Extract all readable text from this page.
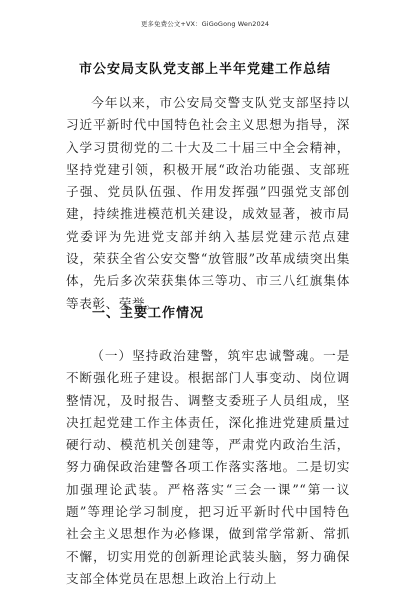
更多免费公文+VX：GiGoGong Wen2024
市公安局支队党支部上半年党建工作总结

今年以来，市公安局交警支队党支部坚持以习近平新时代中国特色社会主义思想为指导，深入学习贯彻党的二十大及二十届三中全会精神，坚持党建引领，积极开展“政治功能强、支部班子强、党员队伍强、作用发挥强”四强党支部创建，持续推进模范机关建设，成效显著，被市局党委评为先进党支部并纳入基层党建示范点建设，荣获全省公安交警“放管服”改革成绩突出集体，先后多次荣获集体三等功、市三八红旗集体等表彰、荣誉。

一、主要工作情况

（一）坚持政治建警，筑牢忠诚警魂。一是不断强化班子建设。根据部门人事变动、岗位调整情况，及时报告、调整支委班子人员组成，坚决扛起党建工作主体责任，深化推进党建质量过硬行动、模范机关创建等，严肃党内政治生活，努力确保政治建警各项工作落实落地。二是切实加强理论武装。严格落实“三会一课”“第一议题”等理论学习制度，把习近平新时代中国特色社会主义思想作为必修课，做到常学常新、常抓不懈，切实用党的创新理论武装头脑，努力确保支部全体党员在思想上政治上行动上
